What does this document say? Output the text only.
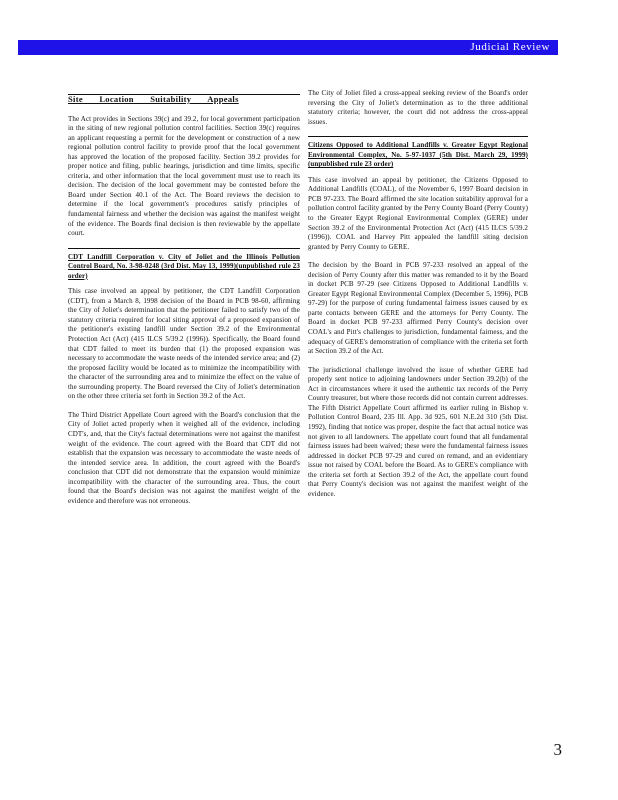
Judicial Review
Site Location Suitability Appeals

The Act provides in Sections 39(c) and 39.2, for local government participation in the siting of new regional pollution control facilities. Section 39(c) requires an applicant requesting a permit for the development or construction of a new regional pollution control facility to provide proof that the local government has approved the location of the proposed facility. Section 39.2 provides for proper notice and filing, public hearings, jurisdiction and time limits, specific criteria, and other information that the local government must use to reach its decision. The decision of the local government may be contested before the Board under Section 40.1 of the Act. The Board reviews the decision to determine if the local government's procedures satisfy principles of fundamental fairness and whether the decision was against the manifest weight of the evidence. The Boards final decision is then reviewable by the appellate court.

CDT Landfill Corporation v. City of Joliet and the Illinois Pollution Control Board, No. 3-98-0248 (3rd Dist. May 13, 1999)(unpublished rule 23 order)

This case involved an appeal by petitioner, the CDT Landfill Corporation (CDT), from a March 8, 1998 decision of the Board in PCB 98-60, affirming the City of Joliet's determination that the petitioner failed to satisfy two of the statutory criteria required for local siting approval of a proposed expansion of the petitioner's existing landfill under Section 39.2 of the Environmental Protection Act (Act) (415 ILCS 5/39.2 (1996)). Specifically, the Board found that CDT failed to meet its burden that (1) the proposed expansion was necessary to accommodate the waste needs of the intended service area; and (2) the proposed facility would be located as to minimize the incompatibility with the character of the surrounding area and to minimize the effect on the value of the surrounding property. The Board reversed the City of Joliet's determination on the other three criteria set forth in Section 39.2 of the Act.

The Third District Appellate Court agreed with the Board's conclusion that the City of Joliet acted properly when it weighed all of the evidence, including CDT's, and, that the City's factual determinations were not against the manifest weight of the evidence. The court agreed with the Board that CDT did not establish that the expansion was necessary to accommodate the waste needs of the intended service area. In addition, the court agreed with the Board's conclusion that CDT did not demonstrate that the expansion would minimize incompatibility with the character of the surrounding area. Thus, the court found that the Board's decision was not against the manifest weight of the evidence and therefore was not erroneous.

The City of Joliet filed a cross-appeal seeking review of the Board's order reversing the City of Joliet's determination as to the three additional statutory criteria; however, the court did not address the cross-appeal issues.

Citizens Opposed to Additional Landfills v. Greater Egypt Regional Environmental Complex, No. 5-97-1037 (5th Dist. March 29, 1999)(unpublished rule 23 order)

This case involved an appeal by petitioner, the Citizens Opposed to Additional Landfills (COAL), of the November 6, 1997 Board decision in PCB 97-233. The Board affirmed the site location suitability approval for a pollution control facility granted by the Perry County Board (Perry County) to the Greater Egypt Regional Environmental Complex (GERE) under Section 39.2 of the Environmental Protection Act (Act) (415 ILCS 5/39.2 (1996)). COAL and Harvey Pitt appealed the landfill siting decision granted by Perry County to GERE.

The decision by the Board in PCB 97-233 resolved an appeal of the decision of Perry County after this matter was remanded to it by the Board in docket PCB 97-29 (see Citizens Opposed to Additional Landfills v. Greater Egypt Regional Environmental Complex (December 5, 1996), PCB 97-29) for the purpose of curing fundamental fairness issues caused by ex parte contacts between GERE and the attorneys for Perry County. The Board in docket PCB 97-233 affirmed Perry County's decision over COAL's and Pitt's challenges to jurisdiction, fundamental fairness, and the adequacy of GERE's demonstration of compliance with the criteria set forth at Section 39.2 of the Act.

The jurisdictional challenge involved the issue of whether GERE had properly sent notice to adjoining landowners under Section 39.2(b) of the Act in circumstances where it used the authentic tax records of the Perry County treasurer, but where those records did not contain current addresses. The Fifth District Appellate Court affirmed its earlier ruling in Bishop v. Pollution Control Board, 235 Ill. App. 3d 925, 601 N.E.2d 310 (5th Dist. 1992), finding that notice was proper, despite the fact that actual notice was not given to all landowners. The appellate court found that all fundamental fairness issues had been waived; these were the fundamental fairness issues addressed in docket PCB 97-29 and cured on remand, and an evidentiary issue not raised by COAL before the Board. As to GERE's compliance with the criteria set forth at Section 39.2 of the Act, the appellate court found that Perry County's decision was not against the manifest weight of the evidence.

3
